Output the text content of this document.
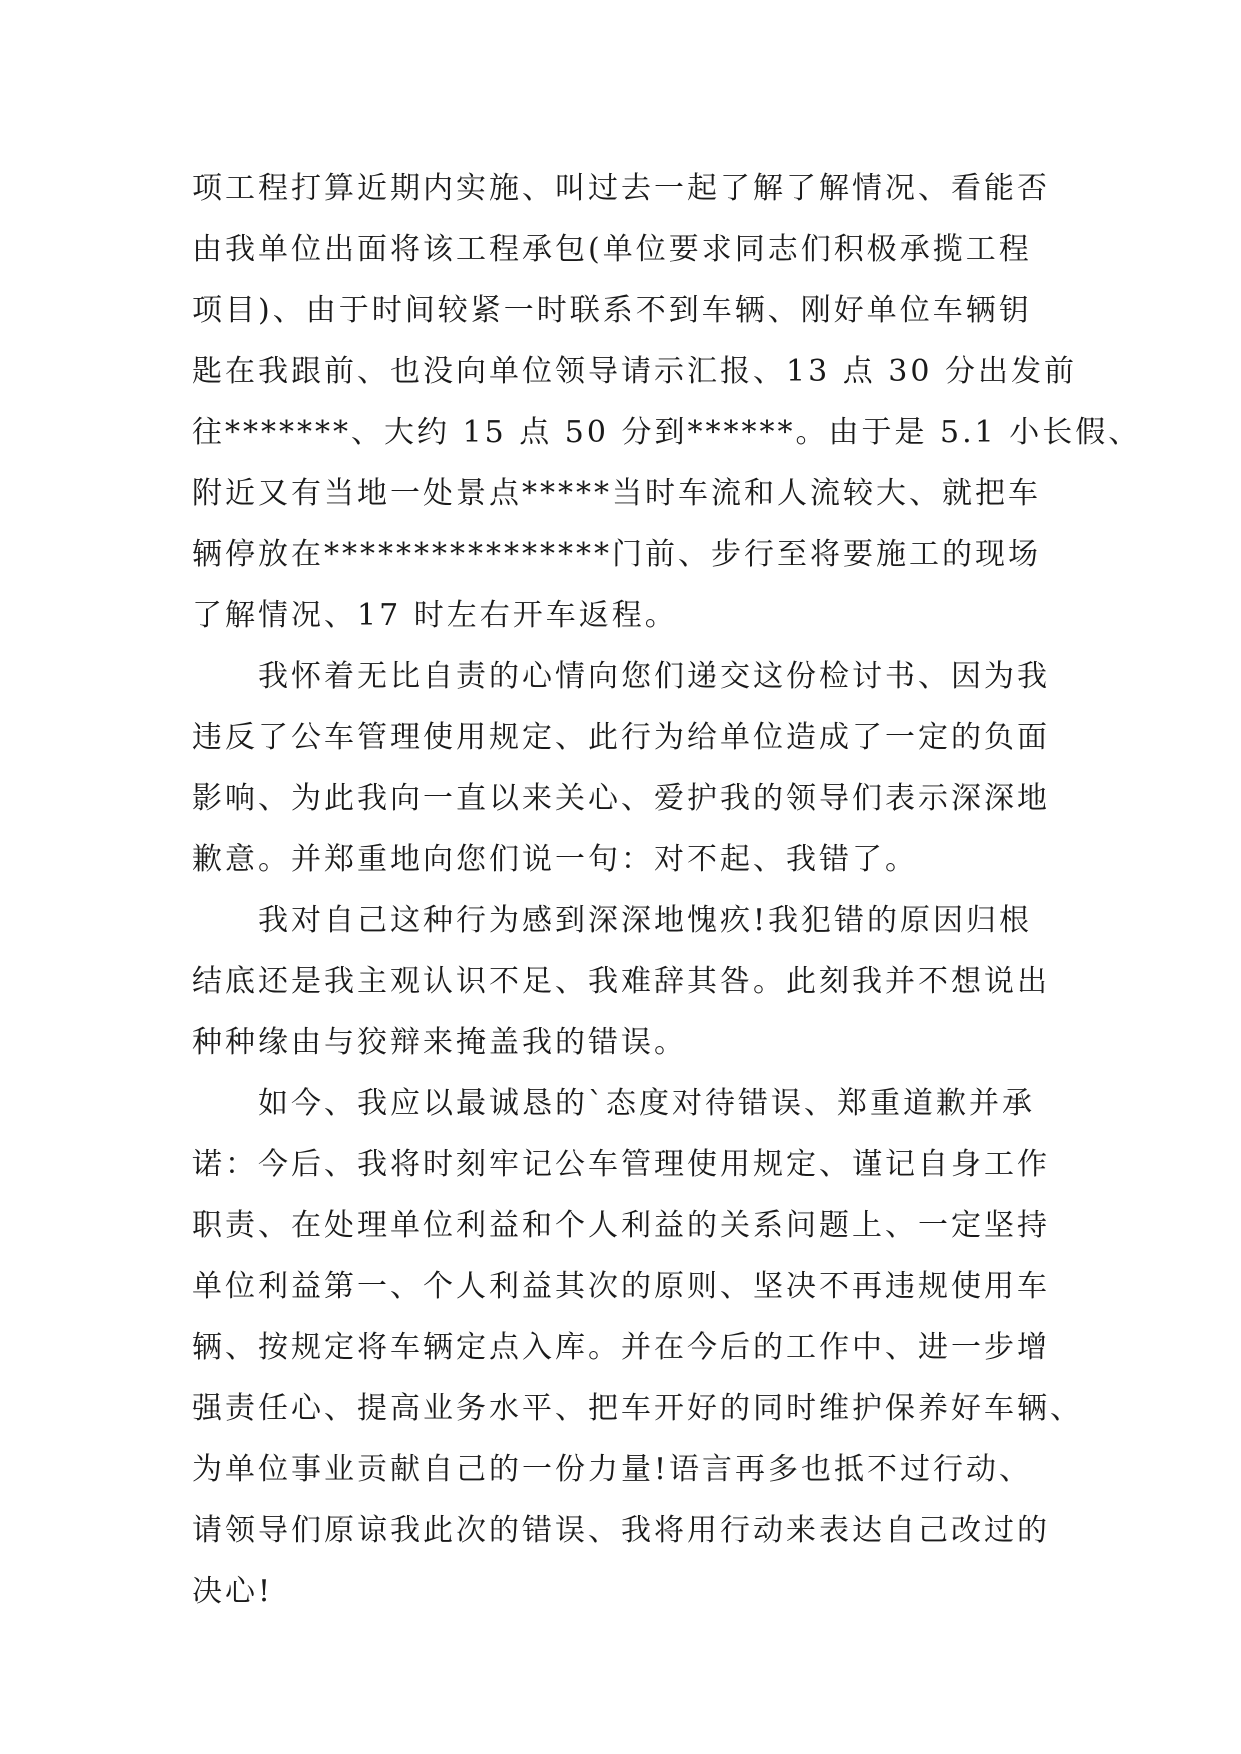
项工程打算近期内实施、叫过去一起了解了解情况、看能否
由我单位出面将该工程承包(单位要求同志们积极承揽工程
项目)、由于时间较紧一时联系不到车辆、刚好单位车辆钥
匙在我跟前、也没向单位领导请示汇报、13 点 30 分出发前
往*******、大约 15 点 50 分到******。由于是 5.1 小长假、
附近又有当地一处景点*****当时车流和人流较大、就把车
辆停放在****************门前、步行至将要施工的现场
了解情况、17 时左右开车返程。
　　我怀着无比自责的心情向您们递交这份检讨书、因为我
违反了公车管理使用规定、此行为给单位造成了一定的负面
影响、为此我向一直以来关心、爱护我的领导们表示深深地
歉意。并郑重地向您们说一句：对不起、我错了。
　　我对自己这种行为感到深深地愧疚!我犯错的原因归根
结底还是我主观认识不足、我难辞其咎。此刻我并不想说出
种种缘由与狡辩来掩盖我的错误。
　　如今、我应以最诚恳的`态度对待错误、郑重道歉并承
诺：今后、我将时刻牢记公车管理使用规定、谨记自身工作
职责、在处理单位利益和个人利益的关系问题上、一定坚持
单位利益第一、个人利益其次的原则、坚决不再违规使用车
辆、按规定将车辆定点入库。并在今后的工作中、进一步增
强责任心、提高业务水平、把车开好的同时维护保养好车辆、
为单位事业贡献自己的一份力量!语言再多也抵不过行动、
请领导们原谅我此次的错误、我将用行动来表达自己改过的
决心!
